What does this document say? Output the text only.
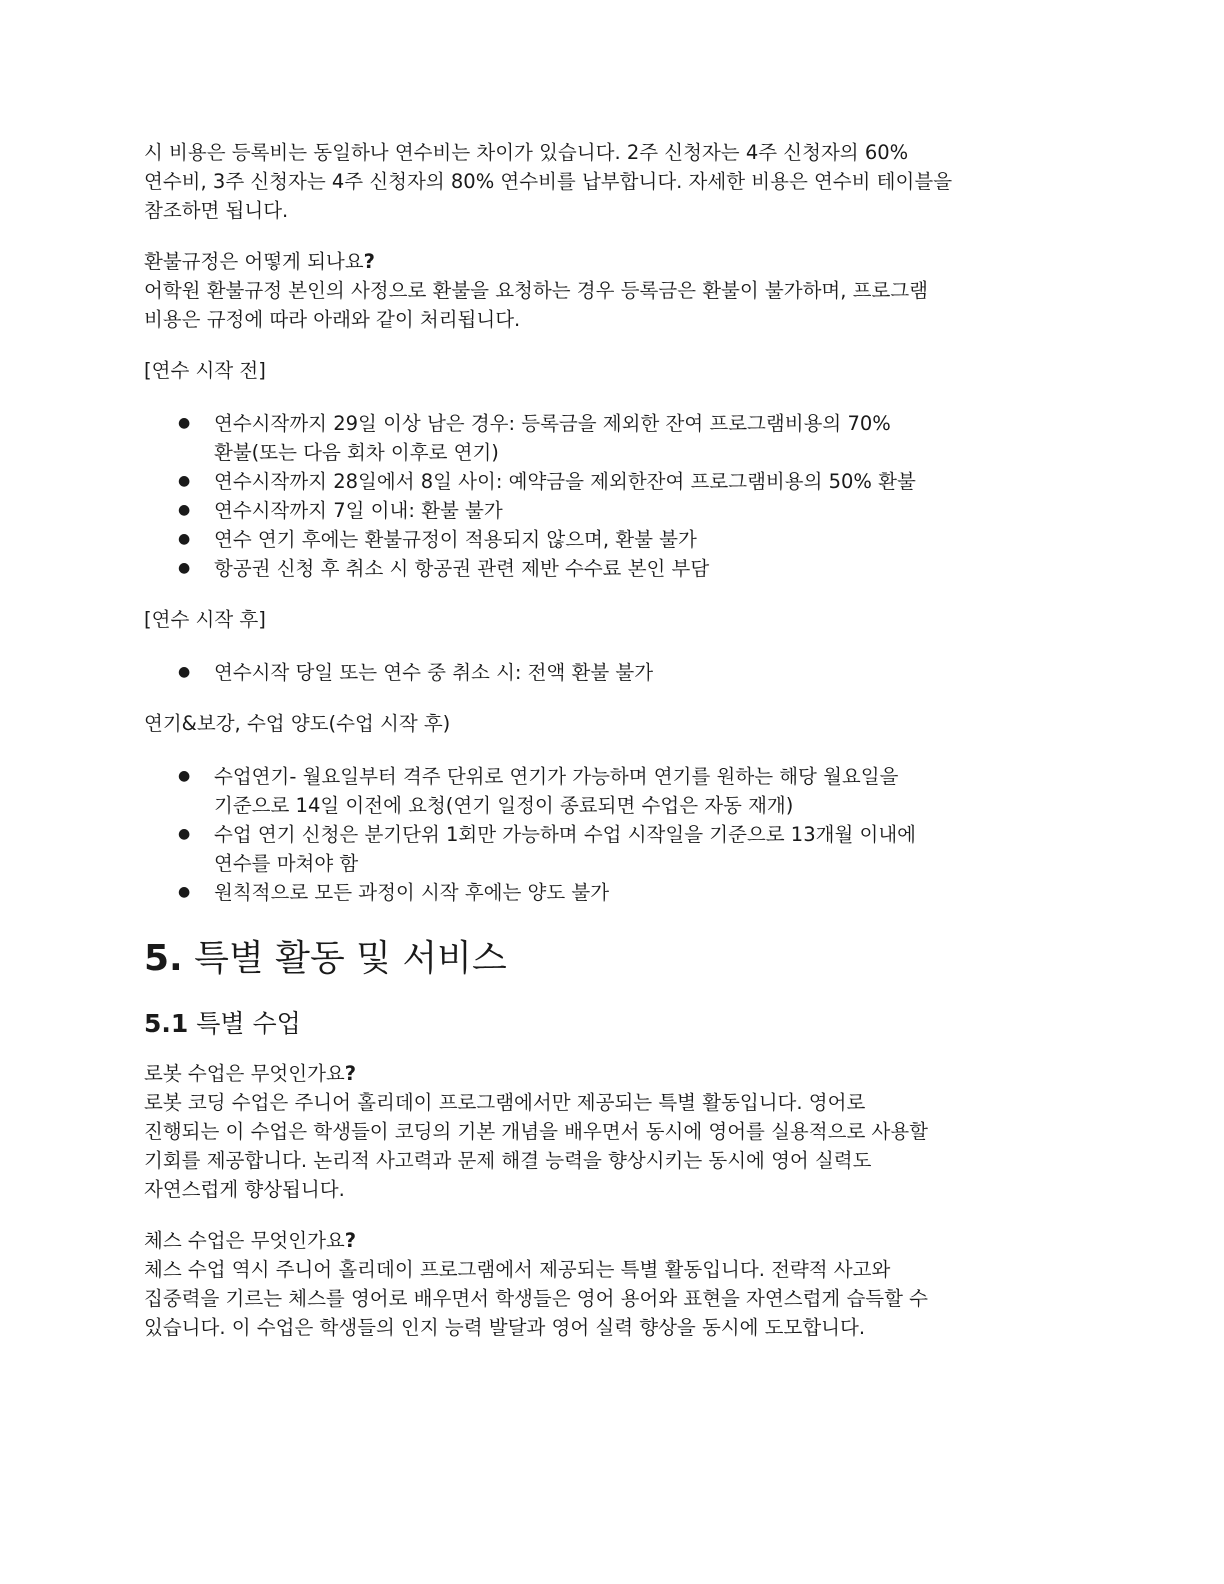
시 비용은 등록비는 동일하나 연수비는 차이가 있습니다. 2주 신청자는 4주 신청자의 60%

연수비, 3주 신청자는 4주 신청자의 80% 연수비를 납부합니다. 자세한 비용은 연수비 테이블을

참조하면 됩니다.

환불규정은 어떻게 되나요?

어학원 환불규정 본인의 사정으로 환불을 요청하는 경우 등록금은 환불이 불가하며, 프로그램

비용은 규정에 따라 아래와 같이 처리됩니다.

[연수 시작 전]

● 연수시작까지 29일 이상 남은 경우: 등록금을 제외한 잔여 프로그램비용의 70%

환불(또는 다음 회차 이후로 연기)

● 연수시작까지 28일에서 8일 사이: 예약금을 제외한잔여 프로그램비용의 50% 환불

● 연수시작까지 7일 이내: 환불 불가

● 연수 연기 후에는 환불규정이 적용되지 않으며, 환불 불가

● 항공권 신청 후 취소 시 항공권 관련 제반 수수료 본인 부담

[연수 시작 후]

● 연수시작 당일 또는 연수 중 취소 시: 전액 환불 불가

연기&보강, 수업 양도(수업 시작 후)

● 수업연기- 월요일부터 격주 단위로 연기가 가능하며 연기를 원하는 해당 월요일을

기준으로 14일 이전에 요청(연기 일정이 종료되면 수업은 자동 재개)

● 수업 연기 신청은 분기단위 1회만 가능하며 수업 시작일을 기준으로 13개월 이내에

연수를 마쳐야 함

● 원칙적으로 모든 과정이 시작 후에는 양도 불가

5. 특별 활동 및 서비스
5.1 특별 수업

로봇 수업은 무엇인가요?

로봇 코딩 수업은 주니어 홀리데이 프로그램에서만 제공되는 특별 활동입니다. 영어로

진행되는 이 수업은 학생들이 코딩의 기본 개념을 배우면서 동시에 영어를 실용적으로 사용할

기회를 제공합니다. 논리적 사고력과 문제 해결 능력을 향상시키는 동시에 영어 실력도

자연스럽게 향상됩니다.

체스 수업은 무엇인가요?

체스 수업 역시 주니어 홀리데이 프로그램에서 제공되는 특별 활동입니다. 전략적 사고와

집중력을 기르는 체스를 영어로 배우면서 학생들은 영어 용어와 표현을 자연스럽게 습득할 수

있습니다. 이 수업은 학생들의 인지 능력 발달과 영어 실력 향상을 동시에 도모합니다.
